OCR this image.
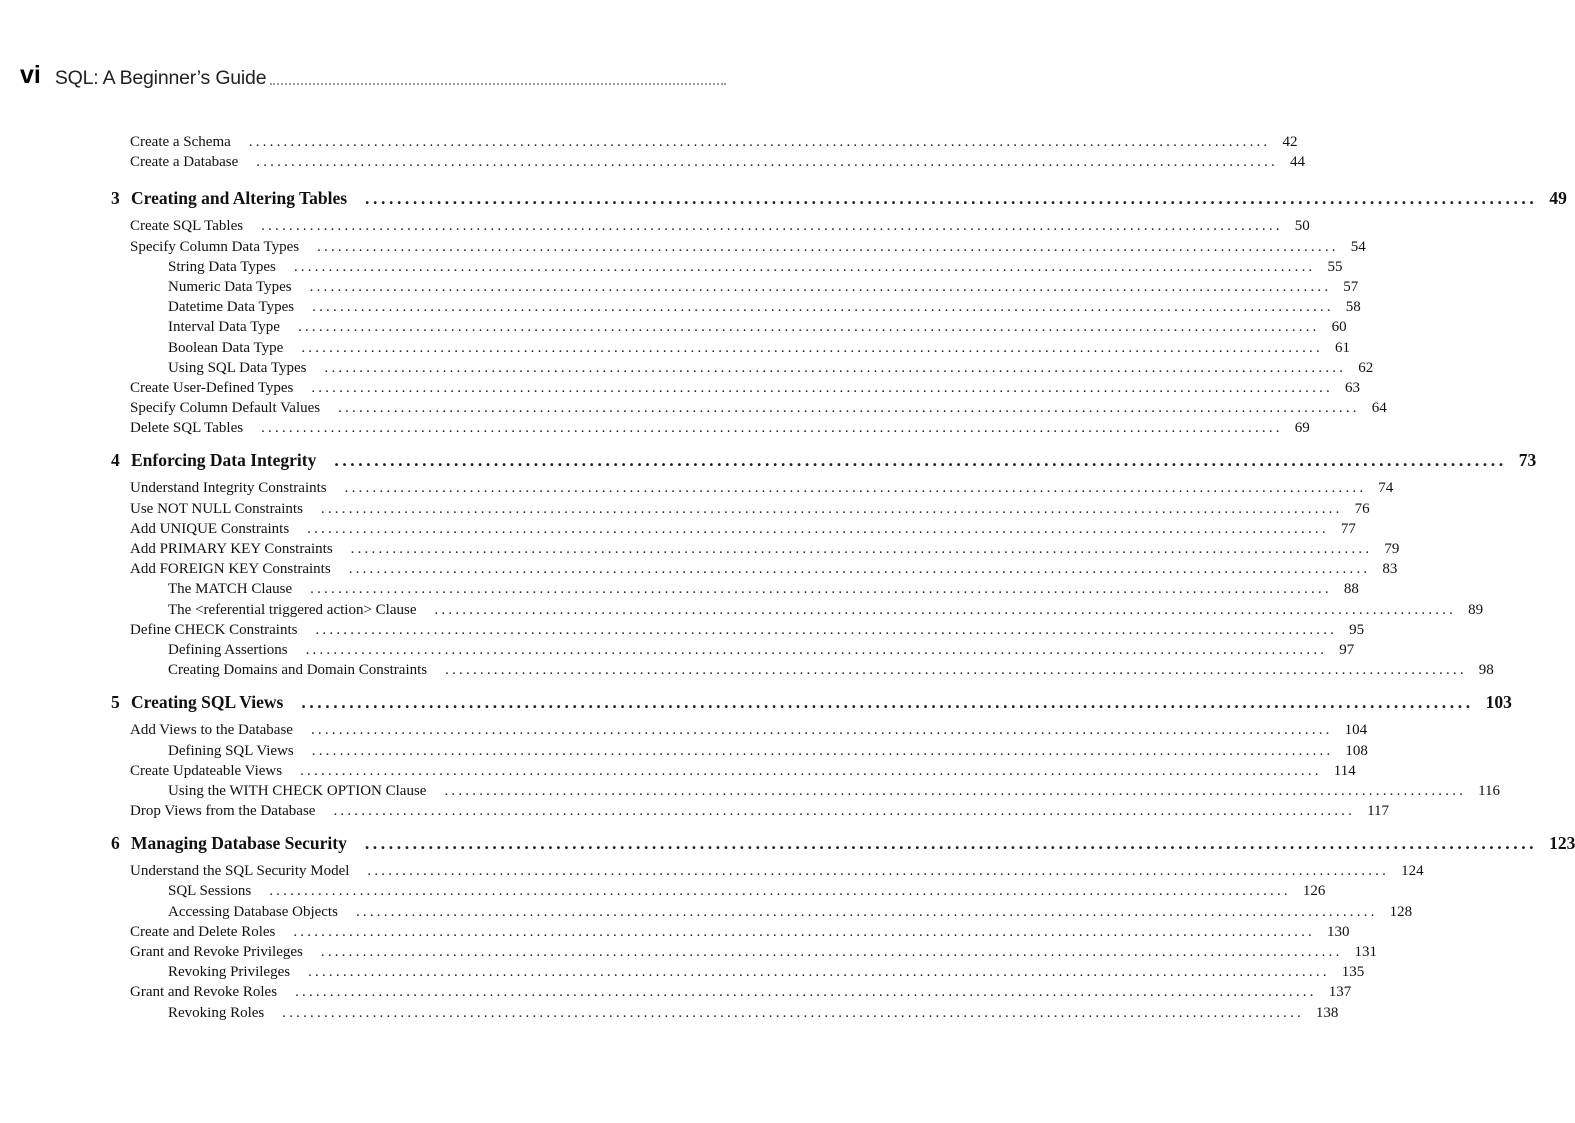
vi SQL: A Beginner’s Guide
Create a Schema ................................................................................................................................................... 42
Create a Database ................................................................................................................................................... 44
3 Creating and Altering Tables ................................................................................................................................................... 49
Create SQL Tables ................................................................................................................................................... 50
Specify Column Data Types ................................................................................................................................................... 54
String Data Types ................................................................................................................................................... 55
Numeric Data Types ................................................................................................................................................... 57
Datetime Data Types ................................................................................................................................................... 58
Interval Data Type ................................................................................................................................................... 60
Boolean Data Type ................................................................................................................................................... 61
Using SQL Data Types ................................................................................................................................................... 62
Create User-Defined Types ................................................................................................................................................... 63
Specify Column Default Values ................................................................................................................................................... 64
Delete SQL Tables ................................................................................................................................................... 69
4 Enforcing Data Integrity ................................................................................................................................................... 73
Understand Integrity Constraints ................................................................................................................................................... 74
Use NOT NULL Constraints ................................................................................................................................................... 76
Add UNIQUE Constraints ................................................................................................................................................... 77
Add PRIMARY KEY Constraints ................................................................................................................................................... 79
Add FOREIGN KEY Constraints ................................................................................................................................................... 83
The MATCH Clause ................................................................................................................................................... 88
The <referential triggered action> Clause ................................................................................................................................................... 89
Define CHECK Constraints ................................................................................................................................................... 95
Defining Assertions ................................................................................................................................................... 97
Creating Domains and Domain Constraints ................................................................................................................................................... 98
5 Creating SQL Views ................................................................................................................................................... 103
Add Views to the Database ................................................................................................................................................... 104
Defining SQL Views ................................................................................................................................................... 108
Create Updateable Views ................................................................................................................................................... 114
Using the WITH CHECK OPTION Clause ................................................................................................................................................... 116
Drop Views from the Database ................................................................................................................................................... 117
6 Managing Database Security ................................................................................................................................................... 123
Understand the SQL Security Model ................................................................................................................................................... 124
SQL Sessions ................................................................................................................................................... 126
Accessing Database Objects ................................................................................................................................................... 128
Create and Delete Roles ................................................................................................................................................... 130
Grant and Revoke Privileges ................................................................................................................................................... 131
Revoking Privileges ................................................................................................................................................... 135
Grant and Revoke Roles ................................................................................................................................................... 137
Revoking Roles ................................................................................................................................................... 138
